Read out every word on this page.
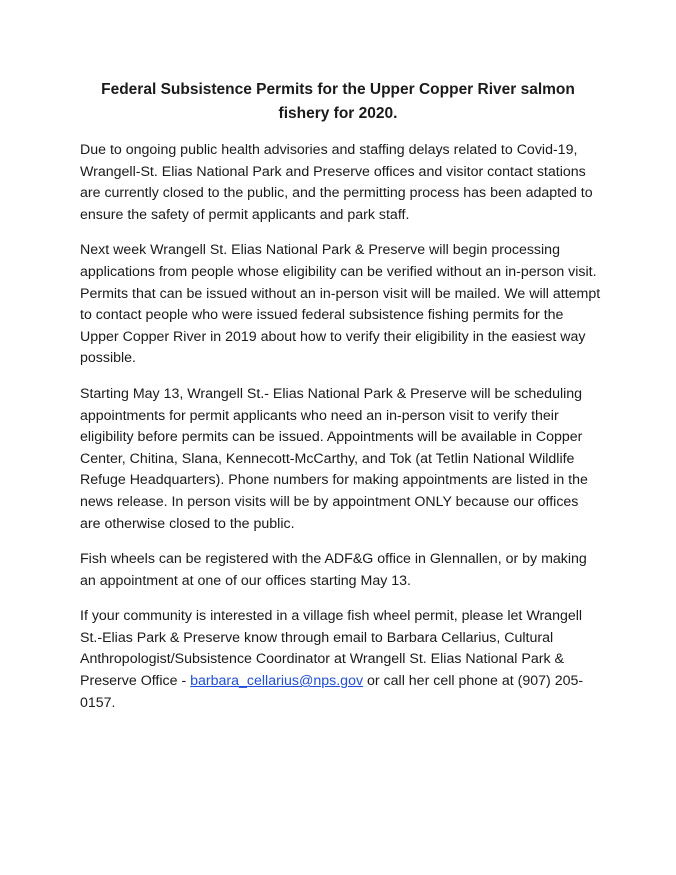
Federal Subsistence Permits for the Upper Copper River salmon fishery for 2020.

Due to ongoing public health advisories and staffing delays related to Covid-19, Wrangell-St. Elias National Park and Preserve offices and visitor contact stations are currently closed to the public, and the permitting process has been adapted to ensure the safety of permit applicants and park staff.

Next week Wrangell St. Elias National Park & Preserve will begin processing applications from people whose eligibility can be verified without an in-person visit. Permits that can be issued without an in-person visit will be mailed. We will attempt to contact people who were issued federal subsistence fishing permits for the Upper Copper River in 2019 about how to verify their eligibility in the easiest way possible.

Starting May 13, Wrangell St.- Elias National Park & Preserve will be scheduling appointments for permit applicants who need an in-person visit to verify their eligibility before permits can be issued. Appointments will be available in Copper Center, Chitina, Slana, Kennecott-McCarthy, and Tok (at Tetlin National Wildlife Refuge Headquarters). Phone numbers for making appointments are listed in the news release. In person visits will be by appointment ONLY because our offices are otherwise closed to the public.

Fish wheels can be registered with the ADF&G office in Glennallen, or by making an appointment at one of our offices starting May 13.

If your community is interested in a village fish wheel permit, please let Wrangell St.-Elias Park & Preserve know through email to Barbara Cellarius, Cultural Anthropologist/Subsistence Coordinator at Wrangell St. Elias National Park & Preserve Office - barbara_cellarius@nps.gov or call her cell phone at (907) 205-0157.
